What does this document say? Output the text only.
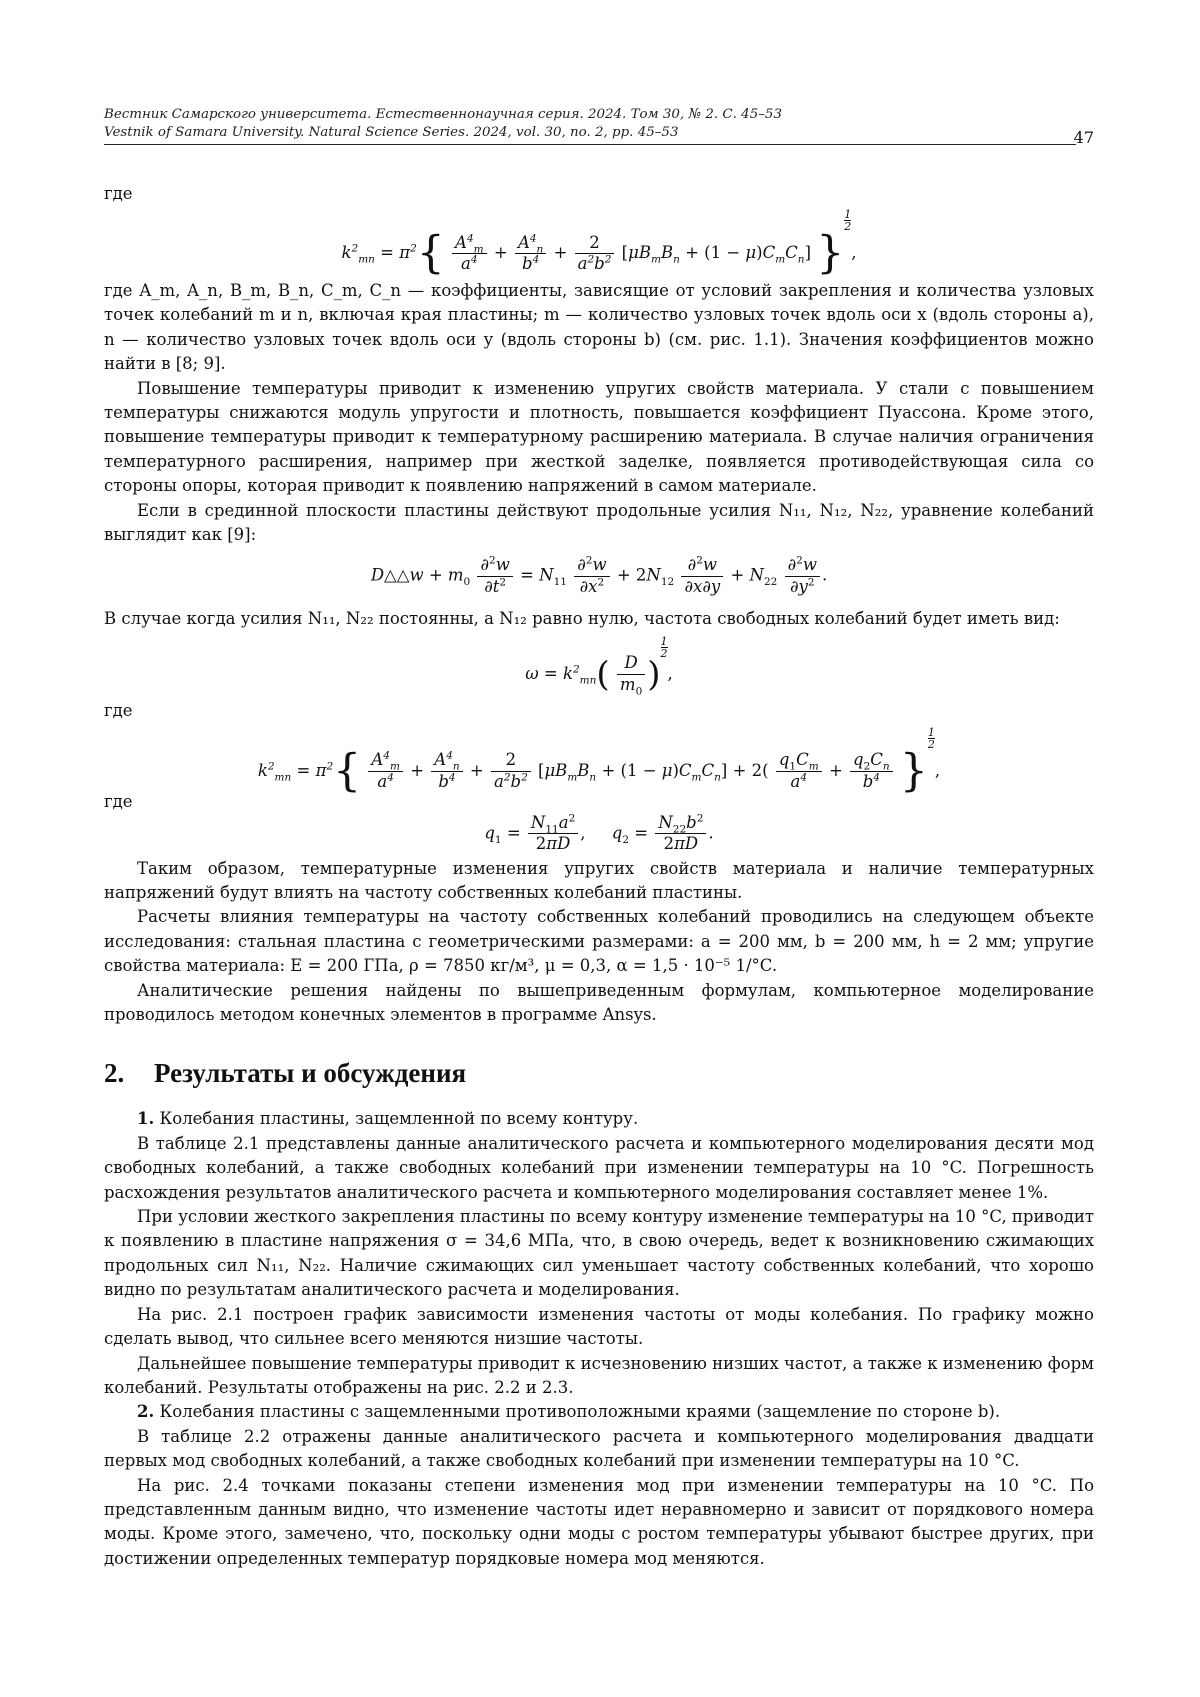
Вестник Самарского университета. Естественнонаучная серия. 2024. Том 30, № 2. С. 45–53
Vestnik of Samara University. Natural Science Series. 2024, vol. 30, no. 2, pp. 45–53	47

где

$k^2_{mn} = \pi^2\{ \frac{A^4_m}{a^4} + \frac{A^4_n}{b^4} + \frac{2}{a^2b^2} [\mu B_mB_n + (1 - \mu)C_mC_n]$ }
$\frac{1}{2}$
,

где A_m, A_n, B_m, B_n, C_m, C_n — коэффициенты, зависящие от условий закрепления и количества узловых точек колебаний m и n, включая края пластины; m — количество узловых точек вдоль оси x (вдоль стороны a), n — количество узловых точек вдоль оси y (вдоль стороны b) (см. рис. 1.1). Значения коэффициентов можно найти в [8; 9].

Повышение температуры приводит к изменению упругих свойств материала. У стали с повышением температуры снижаются модуль упругости и плотность, повышается коэффициент Пуассона. Кроме этого, повышение температуры приводит к температурному расширению материала. В случае наличия ограничения температурного расширения, например при жесткой заделке, появляется противодействующая сила со стороны опоры, которая приводит к появлению напряжений в самом материале.

Если в срединной плоскости пластины действуют продольные усилия N₁₁, N₁₂, N₂₂, уравнение колебаний выглядит как [9]:

D△△w + $m_0 \frac{\partial^2w}{\partial t^2} = N_{11} \frac{\partial^2w}{\partial x^2} + 2N_{12} \frac{\partial^2w}{\partial x\partial y} + N_{22} \frac{\partial^2w}{\partial y^2}$ .

В случае когда усилия N₁₁, N₂₂ постоянны, а N₁₂ равно нулю, частота свободных колебаний будет иметь вид:

$\omega = k^2_{mn}( \frac{D}{m_0}$ )
$\frac{1}{2}$
,

где

$k^2_{mn} = \pi^2\{ \frac{A^4_m}{a^4} + \frac{A^4_n}{b^4} + \frac{2}{a^2b^2} [\mu B_mB_n + (1 - \mu)C_mC_n] + 2( \frac{q_1C_m}{a^4} + \frac{q_2C_n}{b^4}$ }
$\frac{1}{2}$
,

где

$q_1 = \frac{N_{11}a^2}{2\pi D}$ ,     $q_2 = \frac{N_{22}b^2}{2\pi D}$ .

Таким образом, температурные изменения упругих свойств материала и наличие температурных напряжений будут влиять на частоту собственных колебаний пластины.

Расчеты влияния температуры на частоту собственных колебаний проводились на следующем объекте исследования: стальная пластина с геометрическими размерами: a = 200 мм, b = 200 мм, h = 2 мм; упругие свойства материала: E = 200 ГПа, ρ = 7850 кг/м³, μ = 0,3, α = 1,5 · 10⁻⁵ 1/°C.

Аналитические решения найдены по вышеприведенным формулам, компьютерное моделирование проводилось методом конечных элементов в программе Ansys.

2. Результаты и обсуждения

1. Колебания пластины, защемленной по всему контуру.

В таблице 2.1 представлены данные аналитического расчета и компьютерного моделирования десяти мод свободных колебаний, а также свободных колебаний при изменении температуры на 10 °C. Погрешность расхождения результатов аналитического расчета и компьютерного моделирования составляет менее 1%.

При условии жесткого закрепления пластины по всему контуру изменение температуры на 10 °C, приводит к появлению в пластине напряжения σ = 34,6 МПа, что, в свою очередь, ведет к возникновению сжимающих продольных сил N₁₁, N₂₂. Наличие сжимающих сил уменьшает частоту собственных колебаний, что хорошо видно по результатам аналитического расчета и моделирования.

На рис. 2.1 построен график зависимости изменения частоты от моды колебания. По графику можно сделать вывод, что сильнее всего меняются низшие частоты.

Дальнейшее повышение температуры приводит к исчезновению низших частот, а также к изменению форм колебаний. Результаты отображены на рис. 2.2 и 2.3.

2. Колебания пластины с защемленными противоположными краями (защемление по стороне b).

В таблице 2.2 отражены данные аналитического расчета и компьютерного моделирования двадцати первых мод свободных колебаний, а также свободных колебаний при изменении температуры на 10 °C.

На рис. 2.4 точками показаны степени изменения мод при изменении температуры на 10 °C. По представленным данным видно, что изменение частоты идет неравномерно и зависит от порядкового номера моды. Кроме этого, замечено, что, поскольку одни моды с ростом температуры убывают быстрее других, при достижении определенных температур порядковые номера мод меняются.
